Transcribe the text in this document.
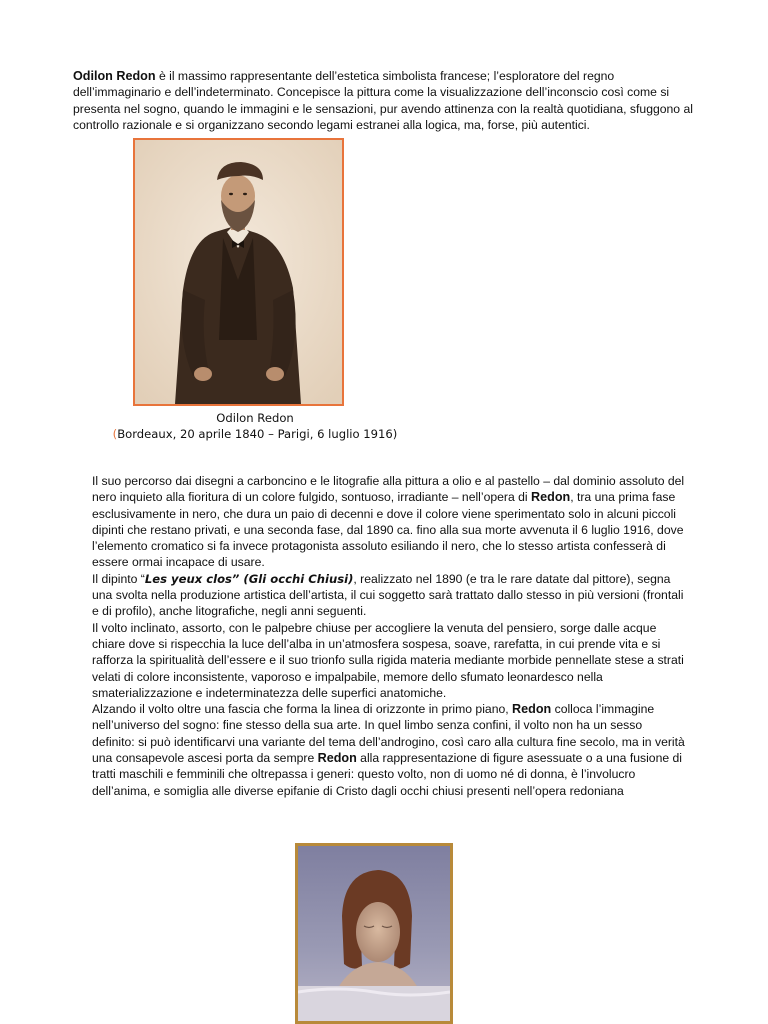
Odilon Redon è il massimo rappresentante dell’estetica simbolista francese; l’esploratore del regno dell’immaginario e dell’indeterminato. Concepisce la pittura come la visualizzazione dell’inconscio così come si presenta nel sogno, quando le immagini e le sensazioni, pur avendo attinenza con la realtà quotidiana, sfuggono al controllo razionale e si organizzano secondo legami estranei alla logica, ma, forse, più autentici.

Odilon Redon
(Bordeaux, 20 aprile 1840 – Parigi, 6 luglio 1916)

Il suo percorso dai disegni a carboncino e le litografie alla pittura a olio e al pastello – dal dominio assoluto del nero inquieto alla fioritura di un colore fulgido, sontuoso, irradiante – nell’opera di Redon, tra una prima fase esclusivamente in nero, che dura un paio di decenni e dove il colore viene sperimentato solo in alcuni piccoli dipinti che restano privati, e una seconda fase, dal 1890 ca. fino alla sua morte avvenuta il 6 luglio 1916, dove l’elemento cromatico si fa invece protagonista assoluto esiliando il nero, che lo stesso artista confesserà di essere ormai incapace di usare.

Il dipinto “Les yeux clos” (Gli occhi Chiusi), realizzato nel 1890 (e tra le rare datate dal pittore), segna una svolta nella produzione artistica dell’artista, il cui soggetto sarà trattato dallo stesso in più versioni (frontali e di profilo), anche litografiche, negli anni seguenti.

Il volto inclinato, assorto, con le palpebre chiuse per accogliere la venuta del pensiero, sorge dalle acque chiare dove si rispecchia la luce dell’alba in un’atmosfera sospesa, soave, rarefatta, in cui prende vita e si rafforza la spiritualità dell’essere e il suo trionfo sulla rigida materia mediante morbide pennellate stese a strati velati di colore inconsistente, vaporoso e impalpabile, memore dello sfumato leonardesco nella smaterializzazione e indeterminatezza delle superfici anatomiche.

Alzando il volto oltre una fascia che forma la linea di orizzonte in primo piano, Redon colloca l’immagine nell’universo del sogno: fine stesso della sua arte. In quel limbo senza confini, il volto non ha un sesso definito: si può identificarvi una variante del tema dell’androgino, così caro alla cultura fine secolo, ma in verità una consapevole ascesi porta da sempre Redon alla rappresentazione di figure asessuate o a una fusione di tratti maschili e femminili che oltrepassa i generi: questo volto, non di uomo né di donna, è l’involucro dell’anima, e somiglia alle diverse epifanie di Cristo dagli occhi chiusi presenti nell’opera redoniana
